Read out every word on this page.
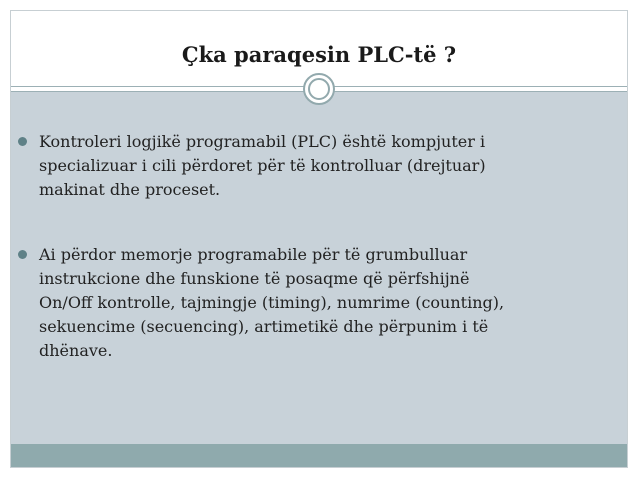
Çka paraqesin PLC-të ?
Kontroleri logjikë programabil (PLC) është kompjuter i
specializuar i cili përdoret për të kontrolluar (drejtuar)
makinat dhe proceset.
Ai përdor memorje programabile për të grumbulluar
instrukcione dhe funskione të posaqme që përfshijnë
On/Off kontrolle, tajmingje (timing), numrime (counting),
sekuencime (secuencing), artimetikë dhe përpunim i të
dhënave.
